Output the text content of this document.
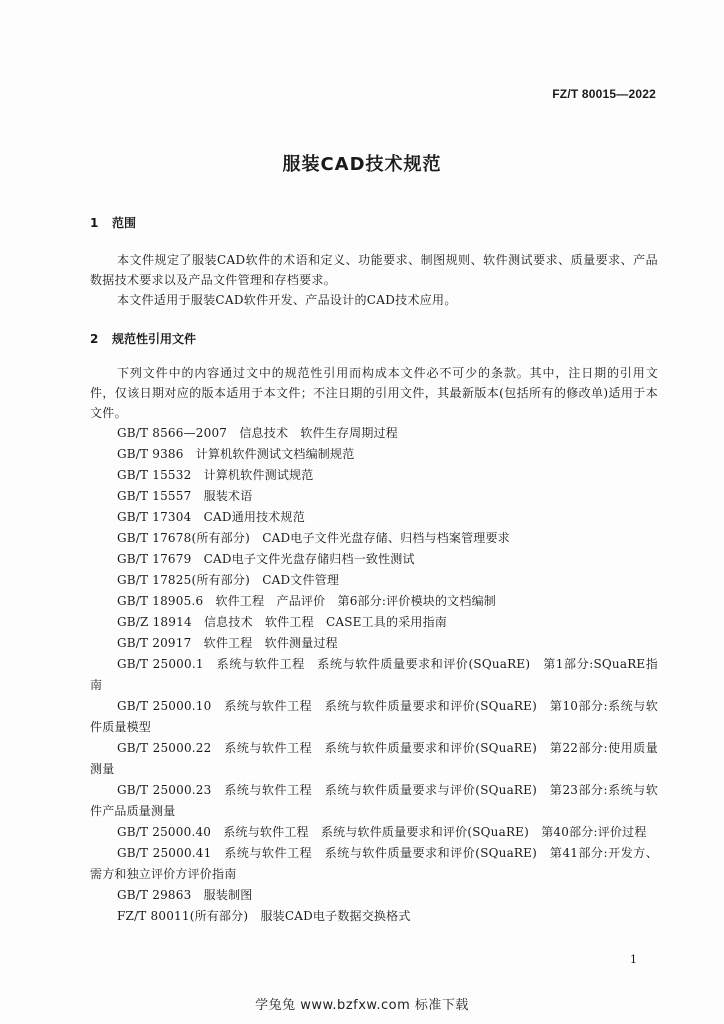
FZ/T 80015—2022
服装CAD技术规范
1 范围
本文件规定了服装CAD软件的术语和定义、功能要求、制图规则、软件测试要求、质量要求、产品数据技术要求以及产品文件管理和存档要求。
本文件适用于服装CAD软件开发、产品设计的CAD技术应用。
2 规范性引用文件
下列文件中的内容通过文中的规范性引用而构成本文件必不可少的条款。其中，注日期的引用文件，仅该日期对应的版本适用于本文件；不注日期的引用文件，其最新版本(包括所有的修改单)适用于本文件。
GB/T 8566—2007　信息技术　软件生存周期过程
GB/T 9386　计算机软件测试文档编制规范
GB/T 15532　计算机软件测试规范
GB/T 15557　服装术语
GB/T 17304　CAD通用技术规范
GB/T 17678(所有部分)　CAD电子文件光盘存储、归档与档案管理要求
GB/T 17679　CAD电子文件光盘存储归档一致性测试
GB/T 17825(所有部分)　CAD文件管理
GB/T 18905.6　软件工程　产品评价　第6部分:评价模块的文档编制
GB/Z 18914　信息技术　软件工程　CASE工具的采用指南
GB/T 20917　软件工程　软件测量过程
GB/T 25000.1　系统与软件工程　系统与软件质量要求和评价(SQuaRE)　第1部分:SQuaRE指南
GB/T 25000.10　系统与软件工程　系统与软件质量要求和评价(SQuaRE)　第10部分:系统与软件质量模型
GB/T 25000.22　系统与软件工程　系统与软件质量要求和评价(SQuaRE)　第22部分:使用质量测量
GB/T 25000.23　系统与软件工程　系统与软件质量要求与评价(SQuaRE)　第23部分:系统与软件产品质量测量
GB/T 25000.40　系统与软件工程　系统与软件质量要求和评价(SQuaRE)　第40部分:评价过程
GB/T 25000.41　系统与软件工程　系统与软件质量要求和评价(SQuaRE)　第41部分:开发方、需方和独立评价方评价指南
GB/T 29863　服装制图
FZ/T 80011(所有部分)　服装CAD电子数据交换格式
1
学兔兔 www.bzfxw.com 标准下载
